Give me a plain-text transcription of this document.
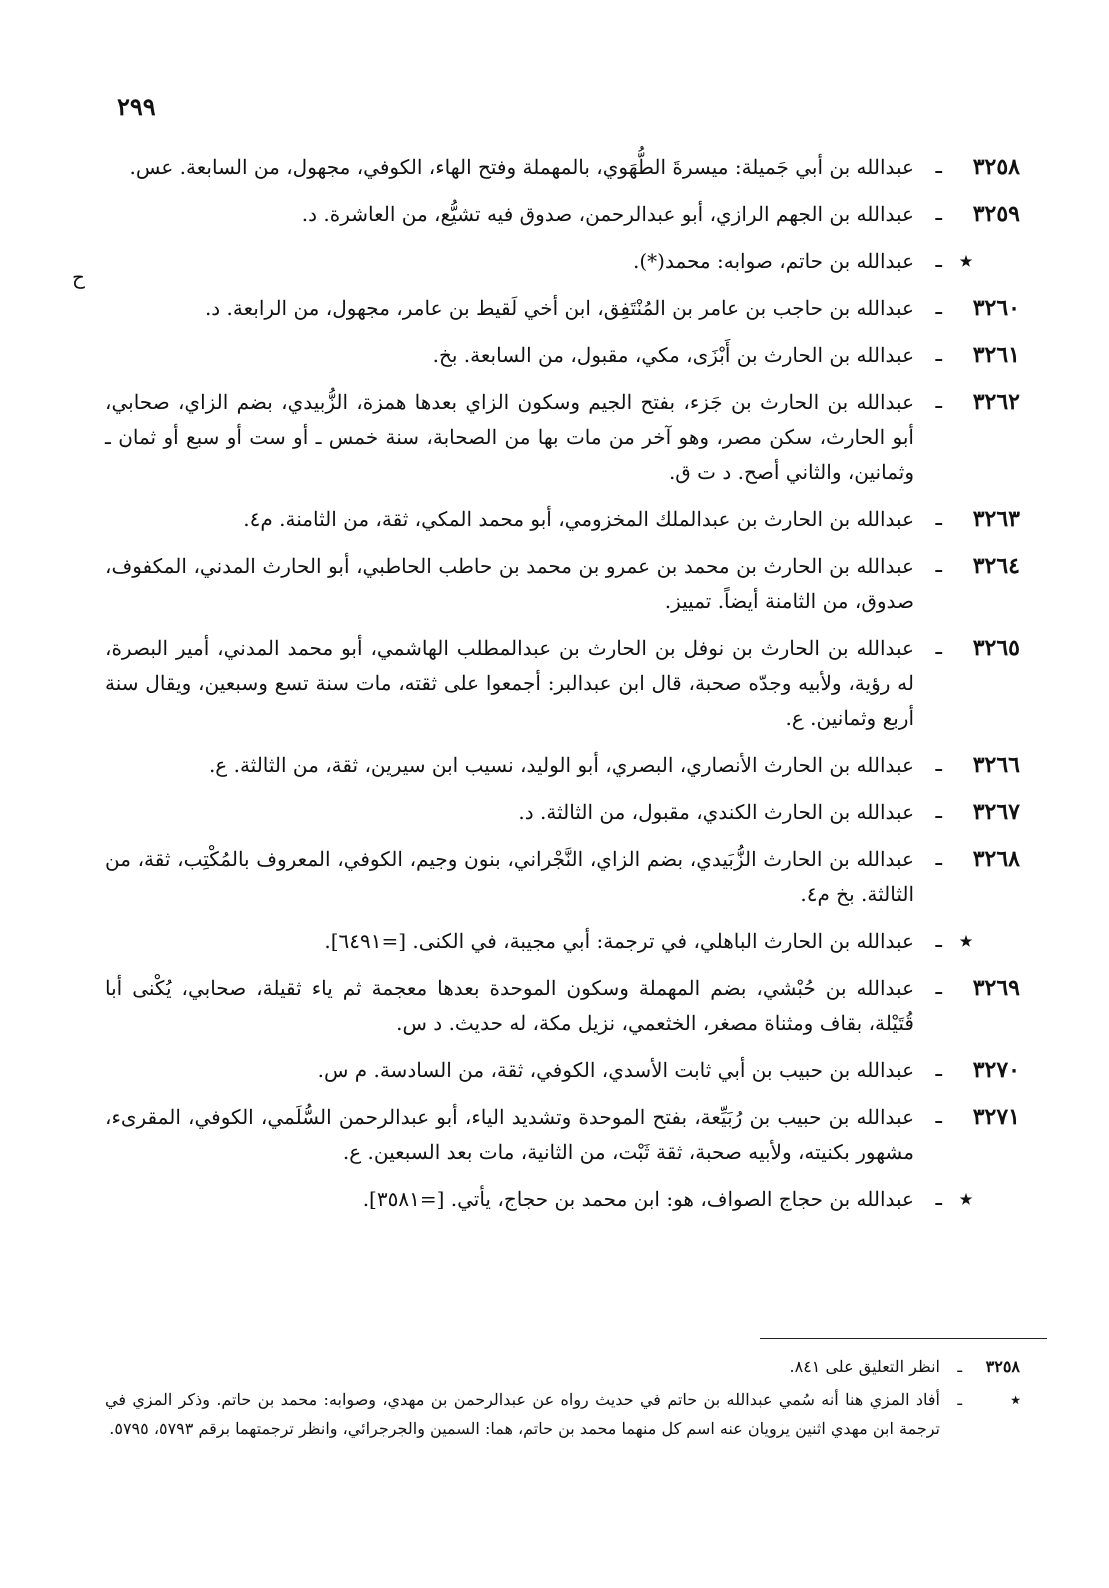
٢٩٩
ح
٣٢٥٨
ـ
عبدالله بن أبي جَميلة: ميسرةَ الطُّهَوي، بالمهملة وفتح الهاء، الكوفي، مجهول، من السابعة. عس.
٣٢٥٩
ـ
عبدالله بن الجهم الرازي، أبو عبدالرحمن، صدوق فيه تشيُّع، من العاشرة. د.
٭
ـ
عبدالله بن حاتم، صوابه: محمد(*).
٣٢٦٠
ـ
عبدالله بن حاجب بن عامر بن المُنْتَفِق، ابن أخي لَقيط بن عامر، مجهول، من الرابعة. د.
٣٢٦١
ـ
عبدالله بن الحارث بن أَبْزَى، مكي، مقبول، من السابعة. بخ.
٣٢٦٢
ـ
عبدالله بن الحارث بن جَزء، بفتح الجيم وسكون الزاي بعدها همزة، الزُّبيدي، بضم الزاي، صحابي، أبو الحارث، سكن مصر، وهو آخر من مات بها من الصحابة، سنة خمس ـ أو ست أو سبع أو ثمان ـ وثمانين، والثاني أصح. د ت ق.
٣٢٦٣
ـ
عبدالله بن الحارث بن عبدالملك المخزومي، أبو محمد المكي، ثقة، من الثامنة. م٤.
٣٢٦٤
ـ
عبدالله بن الحارث بن محمد بن عمرو بن محمد بن حاطب الحاطبي، أبو الحارث المدني، المكفوف، صدوق، من الثامنة أيضاً. تمييز.
٣٢٦٥
ـ
عبدالله بن الحارث بن نوفل بن الحارث بن عبدالمطلب الهاشمي، أبو محمد المدني، أمير البصرة، له رؤية، ولأبيه وجدّه صحبة، قال ابن عبدالبر: أجمعوا على ثقته، مات سنة تسع وسبعين، ويقال سنة أربع وثمانين. ع.
٣٢٦٦
ـ
عبدالله بن الحارث الأنصاري، البصري، أبو الوليد، نسيب ابن سيرين، ثقة، من الثالثة. ع.
٣٢٦٧
ـ
عبدالله بن الحارث الكندي، مقبول، من الثالثة. د.
٣٢٦٨
ـ
عبدالله بن الحارث الزُّبَيدي، بضم الزاي، النَّجْراني، بنون وجيم، الكوفي، المعروف بالمُكْتِب، ثقة، من الثالثة. بخ م٤.
٭
ـ
عبدالله بن الحارث الباهلي، في ترجمة: أبي مجيبة، في الكنى. [=٦٤٩١].
٣٢٦٩
ـ
عبدالله بن حُبْشي، بضم المهملة وسكون الموحدة بعدها معجمة ثم ياء ثقيلة، صحابي، يُكْنى أبا قُتَيْلة، بقاف ومثناة مصغر، الخثعمي، نزيل مكة، له حديث. د س.
٣٢٧٠
ـ
عبدالله بن حبيب بن أبي ثابت الأسدي، الكوفي، ثقة، من السادسة. م س.
٣٢٧١
ـ
عبدالله بن حبيب بن رُبَيِّعة، بفتح الموحدة وتشديد الياء، أبو عبدالرحمن السُّلَمي، الكوفي، المقرىء، مشهور بكنيته، ولأبيه صحبة، ثقة ثَبْت، من الثانية، مات بعد السبعين. ع.
٭
ـ
عبدالله بن حجاج الصواف، هو: ابن محمد بن حجاج، يأتي. [=٣٥٨١].
٣٢٥٨
ـ
انظر التعليق على ٨٤١.
٭
ـ
أفاد المزي هنا أنه سُمي عبدالله بن حاتم في حديث رواه عن عبدالرحمن بن مهدي، وصوابه: محمد بن حاتم. وذكر المزي في ترجمة ابن مهدي اثنين يرويان عنه اسم كل منهما محمد بن حاتم، هما: السمين والجرجرائي، وانظر ترجمتهما برقم ٥٧٩٣، ٥٧٩٥.
